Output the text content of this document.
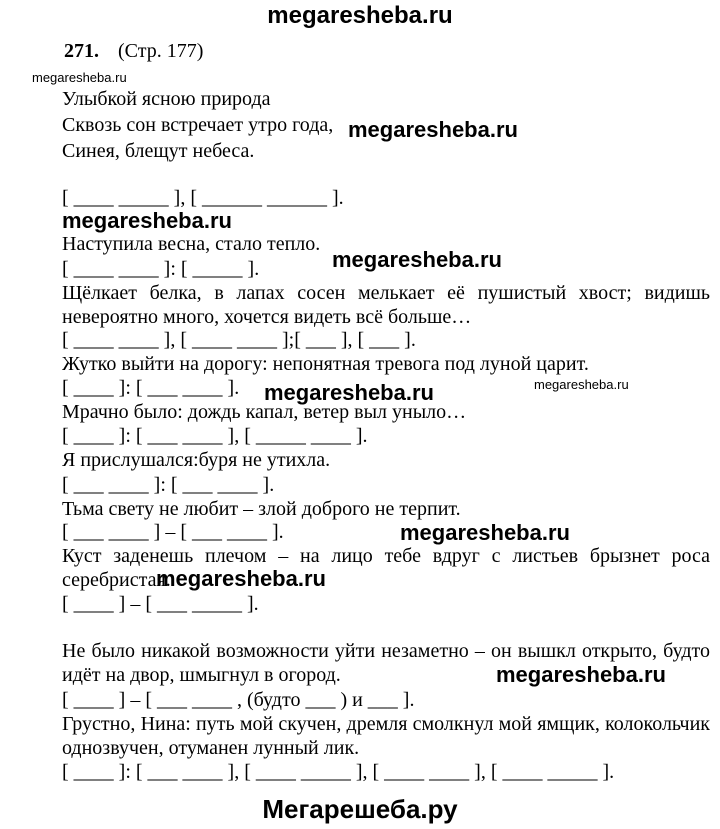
megaresheba.ru
271. (Стр. 177)
megaresheba.ru
Улыбкой ясною природа
Сквозь сон встречает утро года, megaresheba.ru
Синея, блещут небеса.
[ ____ _____ ], [ ______ ______ ].
megaresheba.ru
Наступила весна, стало тепло.
megaresheba.ru
[ ____ ____ ]: [ _____ ].
Щёлкает белка, в лапах сосен мелькает её пушистый хвост; видишь невероятно много, хочется видеть всё больше…
[ ____ ____ ], [ ____ ____ ];[ ___ ], [ ___ ].
Жутко выйти на дорогу: непонятная тревога под луной царит.
[ ____ ]: [ ___ ____ ]. megaresheba.ru	megaresheba.ru
Мрачно было: дождь капал, ветер выл уныло…
[ ____ ]: [ ___ ____ ], [ _____ ____ ].
Я прислушался:буря не утихла.
[ ___ ____ ]: [ ___ ____ ].
Тьма свету не любит – злой доброго не терпит.
[ ___ ____ ] – [ ___ ____ ].	megaresheba.ru
Куст заденешь плечом – на лицо тебе вдруг с листьев брызнет роса серебристая.
megaresheba.ru
[ ____ ] – [ ___ _____ ].
Не было никакой возможности уйти незаметно – он вышкл открыто, будто идёт на двор, шмыгнул в огород.	megaresheba.ru
[ ____ ] – [ ___ ____ , (будто ___ ) и ___ ].
Грустно, Нина: путь мой скучен, дремля смолкнул мой ямщик, колокольчик однозвучен, отуманен лунный лик.
[ ____ ]: [ ___ ____ ], [ ____ _____ ], [ ____ ____ ], [ ____ _____ ].
Мегарешеба.ру
